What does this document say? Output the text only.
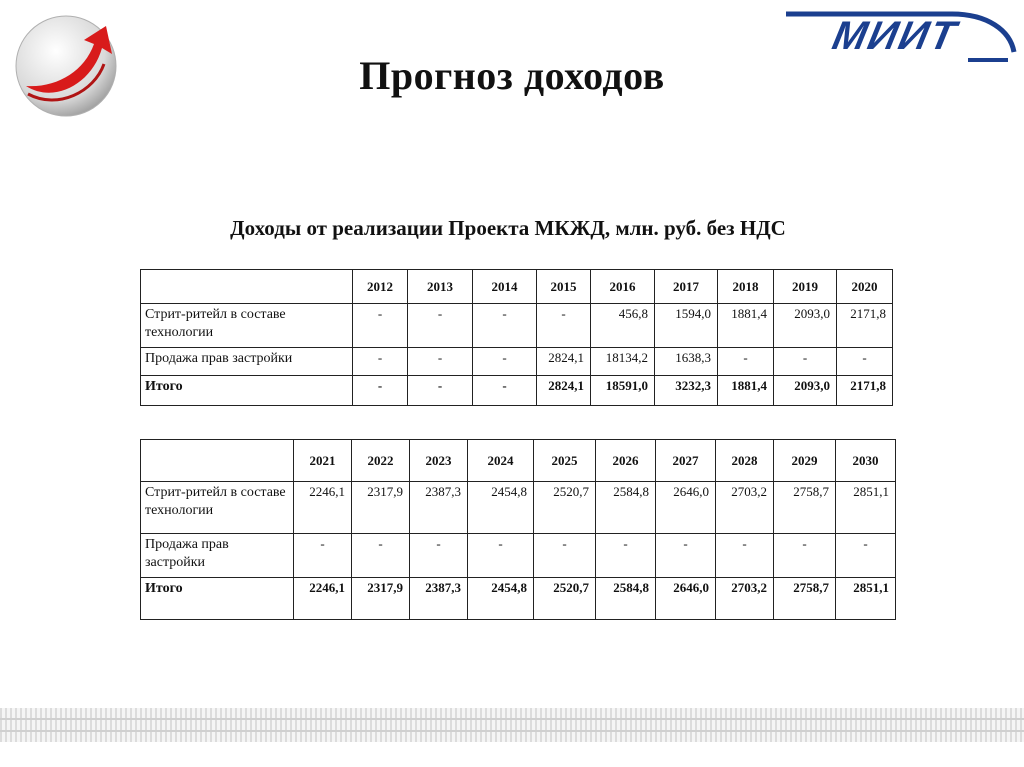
МИИТ
Прогноз доходов
Доходы от реализации Проекта МКЖД, млн. руб. без НДС
	2012	2013	2014	2015	2016	2017	2018	2019	2020
Стрит-ритейл в составе технологии	-	-	-	-	456,8	1594,0	1881,4	2093,0	2171,8
Продажа прав застройки	-	-	-	2824,1	18134,2	1638,3	-	-	-
Итого	-	-	-	2824,1	18591,0	3232,3	1881,4	2093,0	2171,8
	2021	2022	2023	2024	2025	2026	2027	2028	2029	2030
Стрит-ритейл в составе технологии	2246,1	2317,9	2387,3	2454,8	2520,7	2584,8	2646,0	2703,2	2758,7	2851,1
Продажа прав застройки	-	-	-	-	-	-	-	-	-	-
Итого	2246,1	2317,9	2387,3	2454,8	2520,7	2584,8	2646,0	2703,2	2758,7	2851,1
